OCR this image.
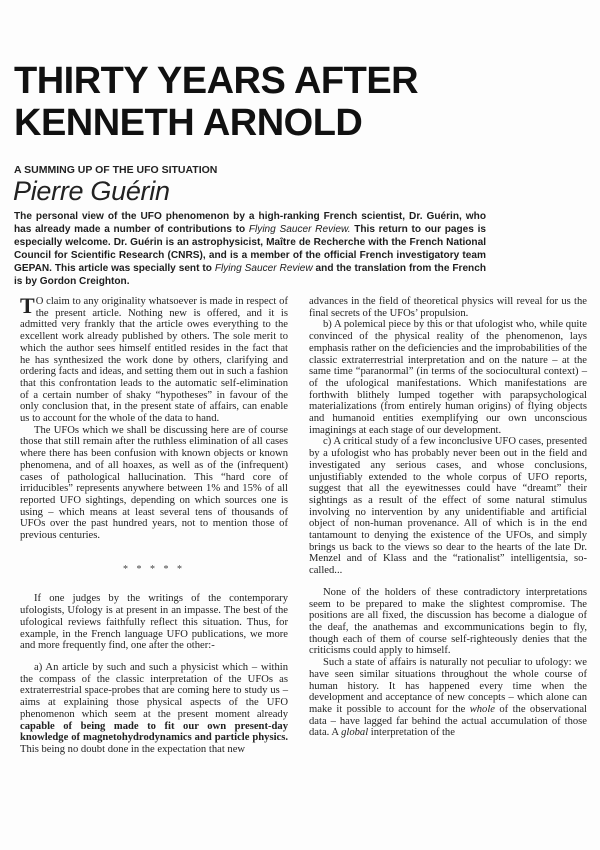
THIRTY YEARS AFTER
KENNETH ARNOLD
A SUMMING UP OF THE UFO SITUATION
Pierre Guérin

The personal view of the UFO phenomenon by a high-ranking French scientist, Dr. Guérin, who has already made a number of contributions to Flying Saucer Review. This return to our pages is especially welcome. Dr. Guérin is an astrophysicist, Maître de Recherche with the French National Council for Scientific Research (CNRS), and is a member of the official French investigatory team GEPAN. This article was specially sent to Flying Saucer Review and the translation from the French is by Gordon Creighton.

T O claim to any originality whatsoever is made in respect of the present article. Nothing new is offered, and it is admitted very frankly that the article owes everything to the excellent work already published by others. The sole merit to which the author sees himself entitled resides in the fact that he has synthesized the work done by others, clarifying and ordering facts and ideas, and setting them out in such a fashion that this confrontation leads to the automatic self-elimination of a certain number of shaky “hypotheses” in favour of the only conclusion that, in the present state of affairs, can enable us to account for the whole of the data to hand.

The UFOs which we shall be discussing here are of course those that still remain after the ruthless elimination of all cases where there has been confusion with known objects or known phenomena, and of all hoaxes, as well as of the (infrequent) cases of pathological hallucination. This “hard core of irriducibles” represents anywhere between 1% and 15% of all reported UFO sightings, depending on which sources one is using – which means at least several tens of thousands of UFOs over the past hundred years, not to mention those of previous centuries.

* * * * *

If one judges by the writings of the contemporary ufologists, Ufology is at present in an impasse. The best of the ufological reviews faithfully reflect this situation. Thus, for example, in the French language UFO publications, we more and more frequently find, one after the other:-

a) An article by such and such a physicist which – within the compass of the classic interpretation of the UFOs as extraterrestrial space-probes that are coming here to study us – aims at explaining those physical aspects of the UFO phenomenon which seem at the present moment already capable of being made to fit our own present-day knowledge of magnetohydrodynamics and particle physics. This being no doubt done in the expectation that new

advances in the field of theoretical physics will reveal for us the final secrets of the UFOs’ propulsion.

b) A polemical piece by this or that ufologist who, while quite convinced of the physical reality of the phenomenon, lays emphasis rather on the deficiencies and the improbabilities of the classic extraterrestrial interpretation and on the nature – at the same time “paranormal” (in terms of the sociocultural context) – of the ufological manifestations. Which manifestations are forthwith blithely lumped together with parapsychological materializations (from entirely human origins) of flying objects and humanoid entities exemplifying our own unconscious imaginings at each stage of our development.

c) A critical study of a few inconclusive UFO cases, presented by a ufologist who has probably never been out in the field and investigated any serious cases, and whose conclusions, unjustifiably extended to the whole corpus of UFO reports, suggest that all the eyewitnesses could have “dreamt” their sightings as a result of the effect of some natural stimulus involving no intervention by any unidentifiable and artificial object of non-human provenance. All of which is in the end tantamount to denying the existence of the UFOs, and simply brings us back to the views so dear to the hearts of the late Dr. Menzel and of Klass and the “rationalist” intelligentsia, so-called...

None of the holders of these contradictory interpretations seem to be prepared to make the slightest compromise. The positions are all fixed, the discussion has become a dialogue of the deaf, the anathemas and excommunications begin to fly, though each of them of course self-righteously denies that the criticisms could apply to himself.

Such a state of affairs is naturally not peculiar to ufology: we have seen similar situations throughout the whole course of human history. It has happened every time when the development and acceptance of new concepts – which alone can make it possible to account for the whole of the observational data – have lagged far behind the actual accumulation of those data. A global interpretation of the
